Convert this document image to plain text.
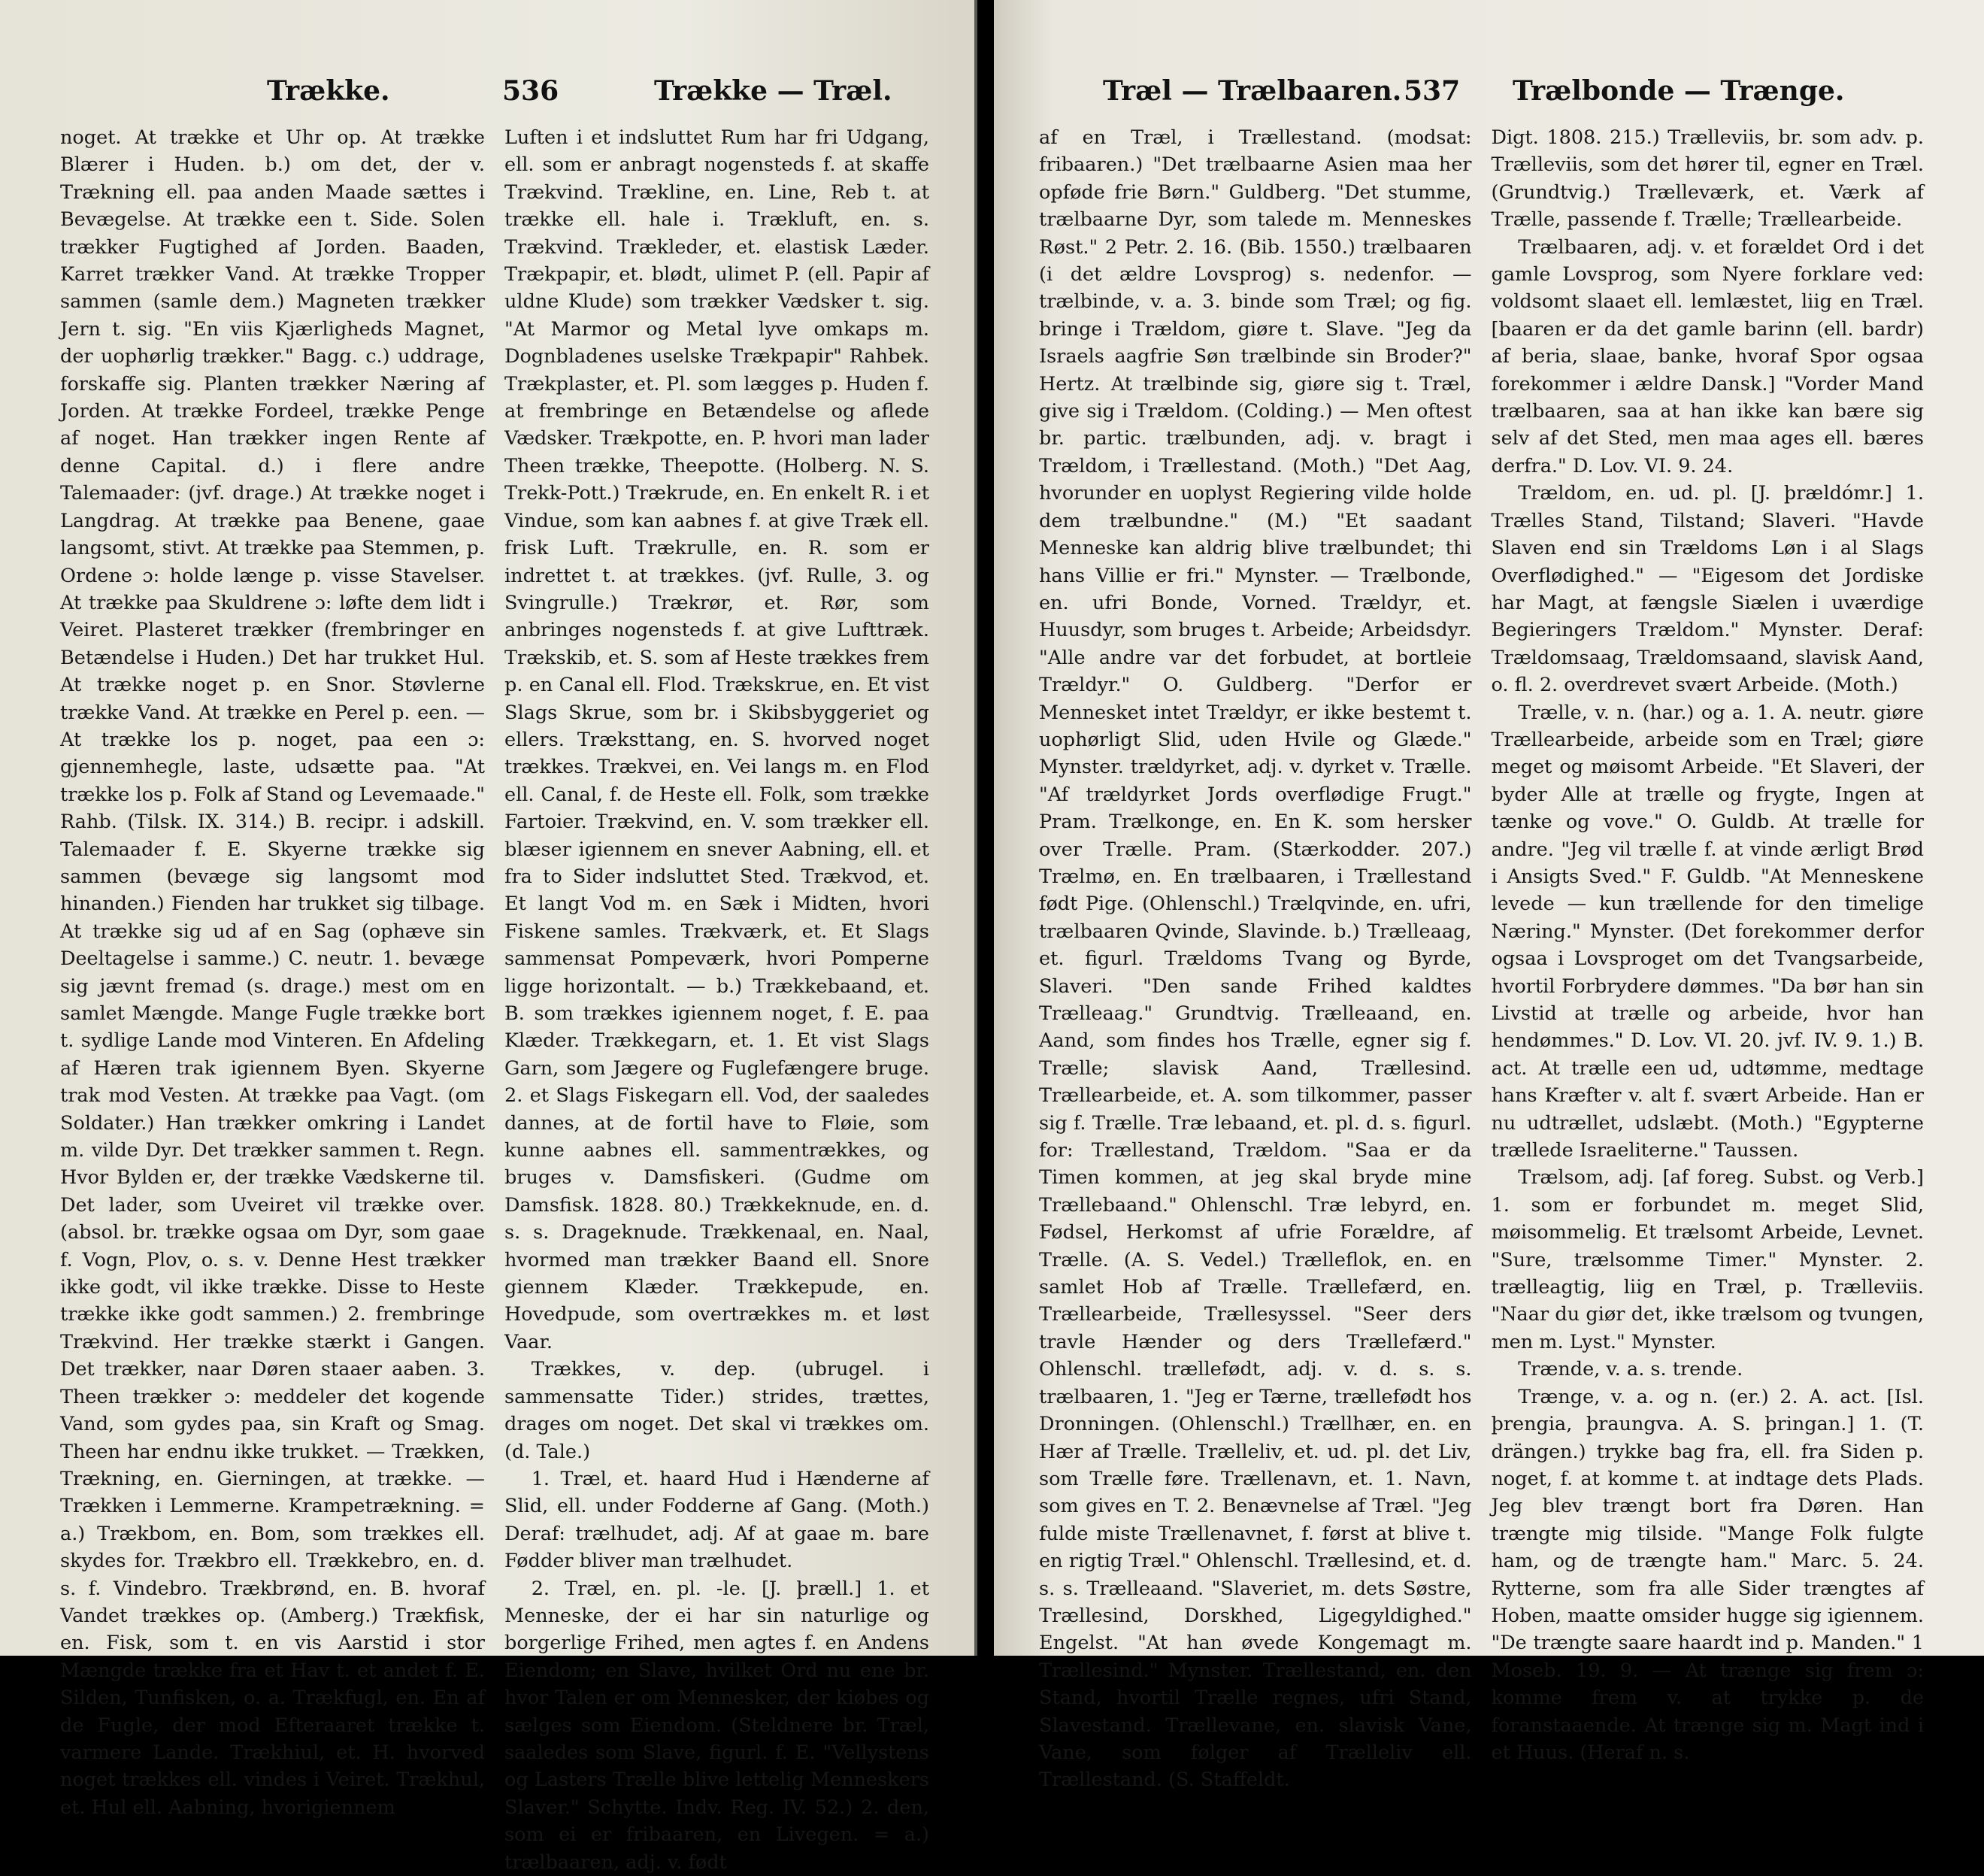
Trække.	536	Trække — Træl.

noget. At trække et Uhr op. At trække Blærer i Huden. b.) om det, der v. Trækning ell. paa anden Maade sættes i Bevægelse. At trække een t. Side. Solen trækker Fugtighed af Jorden. Baaden, Karret trækker Vand. At trække Tropper sammen (samle dem.) Magneten trækker Jern t. sig. "En viis Kjærligheds Magnet, der uophørlig trækker." Bagg. c.) uddrage, forskaffe sig. Planten trækker Næring af Jorden. At trække Fordeel, trække Penge af noget. Han trækker ingen Rente af denne Capital. d.) i flere andre Talemaader: (jvf. drage.) At trække noget i Langdrag. At trække paa Benene, gaae langsomt, stivt. At trække paa Stemmen, p. Ordene ɔ: holde længe p. visse Stavelser. At trække paa Skuldrene ɔ: løfte dem lidt i Veiret. Plasteret trækker (frembringer en Betændelse i Huden.) Det har trukket Hul. At trække noget p. en Snor. Støvlerne trække Vand. At trække en Perel p. een. — At trække los p. noget, paa een ɔ: gjennemhegle, laste, udsætte paa. "At trække los p. Folk af Stand og Levemaade." Rahb. (Tilsk. IX. 314.) B. recipr. i adskill. Talemaader f. E. Skyerne trække sig sammen (bevæge sig langsomt mod hinanden.) Fienden har trukket sig tilbage. At trække sig ud af en Sag (ophæve sin Deeltagelse i samme.) C. neutr. 1. bevæge sig jævnt fremad (s. drage.) mest om en samlet Mængde. Mange Fugle trække bort t. sydlige Lande mod Vinteren. En Afdeling af Hæren trak igiennem Byen. Skyerne trak mod Vesten. At trække paa Vagt. (om Soldater.) Han trækker omkring i Landet m. vilde Dyr. Det trækker sammen t. Regn. Hvor Bylden er, der trække Vædskerne til. Det lader, som Uveiret vil trække over. (absol. br. trække ogsaa om Dyr, som gaae f. Vogn, Plov, o. s. v. Denne Hest trækker ikke godt, vil ikke trække. Disse to Heste trække ikke godt sammen.) 2. frembringe Trækvind. Her trække stærkt i Gangen. Det trækker, naar Døren staaer aaben. 3. Theen trækker ɔ: meddeler det kogende Vand, som gydes paa, sin Kraft og Smag. Theen har endnu ikke trukket. — Trækken, Trækning, en. Gierningen, at trække. — Trækken i Lemmerne. Krampetrækning. = a.) Trækbom, en. Bom, som trækkes ell. skydes for. Trækbro ell. Trækkebro, en. d. s. f. Vindebro. Trækbrønd, en. B. hvoraf Vandet trækkes op. (Amberg.) Trækfisk, en. Fisk, som t. en vis Aarstid i stor Mængde trække fra et Hav t. et andet f. E. Silden, Tunfisken, o. a. Trækfugl, en. En af de Fugle, der mod Efteraaret trække t. varmere Lande. Trækhiul, et. H. hvorved noget trækkes ell. vindes i Veiret. Trækhul, et. Hul ell. Aabning, hvorigiennem

Luften i et indsluttet Rum har fri Udgang, ell. som er anbragt nogensteds f. at skaffe Trækvind. Trækline, en. Line, Reb t. at trække ell. hale i. Trækluft, en. s. Trækvind. Trækleder, et. elastisk Læder. Trækpapir, et. blødt, ulimet P. (ell. Papir af uldne Klude) som trækker Vædsker t. sig. "At Marmor og Metal lyve omkaps m. Dognbladenes uselske Trækpapir" Rahbek. Trækplaster, et. Pl. som lægges p. Huden f. at frembringe en Betændelse og aflede Vædsker. Trækpotte, en. P. hvori man lader Theen trække, Theepotte. (Holberg. N. S. Trekk-Pott.) Trækrude, en. En enkelt R. i et Vindue, som kan aabnes f. at give Træk ell. frisk Luft. Trækrulle, en. R. som er indrettet t. at trækkes. (jvf. Rulle, 3. og Svingrulle.) Trækrør, et. Rør, som anbringes nogensteds f. at give Lufttræk. Trækskib, et. S. som af Heste trækkes frem p. en Canal ell. Flod. Trækskrue, en. Et vist Slags Skrue, som br. i Skibsbyggeriet og ellers. Træksttang, en. S. hvorved noget trækkes. Trækvei, en. Vei langs m. en Flod ell. Canal, f. de Heste ell. Folk, som trække Fartoier. Trækvind, en. V. som trækker ell. blæser igiennem en snever Aabning, ell. et fra to Sider indsluttet Sted. Trækvod, et. Et langt Vod m. en Sæk i Midten, hvori Fiskene samles. Trækværk, et. Et Slags sammensat Pompeværk, hvori Pomperne ligge horizontalt. — b.) Trækkebaand, et. B. som trækkes igiennem noget, f. E. paa Klæder. Trækkegarn, et. 1. Et vist Slags Garn, som Jægere og Fuglefængere bruge. 2. et Slags Fiskegarn ell. Vod, der saaledes dannes, at de fortil have to Fløie, som kunne aabnes ell. sammentrækkes, og bruges v. Damsfiskeri. (Gudme om Damsfisk. 1828. 80.) Trækkeknude, en. d. s. s. Drageknude. Trækkenaal, en. Naal, hvormed man trækker Baand ell. Snore giennem Klæder. Trækkepude, en. Hovedpude, som overtrækkes m. et løst Vaar.

Trækkes, v. dep. (ubrugel. i sammensatte Tider.) strides, trættes, drages om noget. Det skal vi trækkes om. (d. Tale.)

1. Træl, et. haard Hud i Hænderne af Slid, ell. under Fodderne af Gang. (Moth.) Deraf: trælhudet, adj. Af at gaae m. bare Fødder bliver man trælhudet.

2. Træl, en. pl. -le. [J. þræll.] 1. et Menneske, der ei har sin naturlige og borgerlige Frihed, men agtes f. en Andens Eiendom; en Slave, hvilket Ord nu ene br. hvor Talen er om Mennesker, der kiøbes og sælges som Eiendom. (Steldnere br. Træl, saaledes som Slave, figurl. f. E. "Vellystens og Lasters Trælle blive lettelig Menneskers Slaver." Schytte. Indv. Reg. IV. 52.) 2. den, som ei er fribaaren, en Livegen. = a.) trælbaaren, adj. v. født

Træl — Trælbaaren. 537 Trælbonde — Trænge.

af en Træl, i Trællestand. (modsat: fribaaren.) "Det trælbaarne Asien maa her opføde frie Børn." Guldberg. "Det stumme, trælbaarne Dyr, som talede m. Menneskes Røst." 2 Petr. 2. 16. (Bib. 1550.) trælbaaren (i det ældre Lovsprog) s. nedenfor. — trælbinde, v. a. 3. binde som Træl; og fig. bringe i Trældom, giøre t. Slave. "Jeg da Israels aagfrie Søn trælbinde sin Broder?" Hertz. At trælbinde sig, giøre sig t. Træl, give sig i Trældom. (Colding.) — Men oftest br. partic. trælbunden, adj. v. bragt i Trældom, i Trællestand. (Moth.) "Det Aag, hvorunder en uoplyst Regiering vilde holde dem trælbundne." (M.) "Et saadant Menneske kan aldrig blive trælbundet; thi hans Villie er fri." Mynster. — Trælbonde, en. ufri Bonde, Vorned. Trældyr, et. Huusdyr, som bruges t. Arbeide; Arbeidsdyr. "Alle andre var det forbudet, at bortleie Trældyr." O. Guldberg. "Derfor er Mennesket intet Trældyr, er ikke bestemt t. uophørligt Slid, uden Hvile og Glæde." Mynster. trældyrket, adj. v. dyrket v. Trælle. "Af trældyrket Jords overflødige Frugt." Pram. Trælkonge, en. En K. som hersker over Trælle. Pram. (Stærkodder. 207.) Trælmø, en. En trælbaaren, i Trællestand født Pige. (Ohlenschl.) Trælqvinde, en. ufri, trælbaaren Qvinde, Slavinde. b.) Trælleaag, et. figurl. Trældoms Tvang og Byrde, Slaveri. "Den sande Frihed kaldtes Trælleaag." Grundtvig. Trælleaand, en. Aand, som findes hos Trælle, egner sig f. Trælle; slavisk Aand, Trællesind. Trællearbeide, et. A. som tilkommer, passer sig f. Trælle. Træ lebaand, et. pl. d. s. figurl. for: Trællestand, Trældom. "Saa er da Timen kommen, at jeg skal bryde mine Trællebaand." Ohlenschl. Træ lebyrd, en. Fødsel, Herkomst af ufrie Forældre, af Trælle. (A. S. Vedel.) Trælleflok, en. en samlet Hob af Trælle. Trællefærd, en. Trællearbeide, Trællesyssel. "Seer ders travle Hænder og ders Trællefærd." Ohlenschl. trællefødt, adj. v. d. s. s. trælbaaren, 1. "Jeg er Tærne, trællefødt hos Dronningen. (Ohlenschl.) Trællhær, en. en Hær af Trælle. Trælleliv, et. ud. pl. det Liv, som Trælle føre. Trællenavn, et. 1. Navn, som gives en T. 2. Benævnelse af Træl. "Jeg fulde miste Trællenavnet, f. først at blive t. en rigtig Træl." Ohlenschl. Trællesind, et. d. s. s. Trælleaand. "Slaveriet, m. dets Søstre, Trællesind, Dorskhed, Ligegyldighed." Engelst. "At han øvede Kongemagt m. Trællesind." Mynster. Trællestand, en. den Stand, hvortil Trælle regnes, ufri Stand, Slavestand. Trællevane, en. slavisk Vane, Vane, som følger af Trælleliv ell. Trællestand. (S. Staffeldt.

Digt. 1808. 215.) Trælleviis, br. som adv. p. Trælleviis, som det hører til, egner en Træl. (Grundtvig.) Trælleværk, et. Værk af Trælle, passende f. Trælle; Trællearbeide.

Trælbaaren, adj. v. et forældet Ord i det gamle Lovsprog, som Nyere forklare ved: voldsomt slaaet ell. lemlæstet, liig en Træl. [baaren er da det gamle barinn (ell. bardr) af beria, slaae, banke, hvoraf Spor ogsaa forekommer i ældre Dansk.] "Vorder Mand trælbaaren, saa at han ikke kan bære sig selv af det Sted, men maa ages ell. bæres derfra." D. Lov. VI. 9. 24.

Trældom, en. ud. pl. [J. þrældómr.] 1. Trælles Stand, Tilstand; Slaveri. "Havde Slaven end sin Trældoms Løn i al Slags Overflødighed." — "Eigesom det Jordiske har Magt, at fængsle Siælen i uværdige Begieringers Trældom." Mynster. Deraf: Trældomsaag, Trældomsaand, slavisk Aand, o. fl. 2. overdrevet svært Arbeide. (Moth.)

Trælle, v. n. (har.) og a. 1. A. neutr. giøre Trællearbeide, arbeide som en Træl; giøre meget og møisomt Arbeide. "Et Slaveri, der byder Alle at trælle og frygte, Ingen at tænke og vove." O. Guldb. At trælle for andre. "Jeg vil trælle f. at vinde ærligt Brød i Ansigts Sved." F. Guldb. "At Menneskene levede — kun trællende for den timelige Næring." Mynster. (Det forekommer derfor ogsaa i Lovsproget om det Tvangsarbeide, hvortil Forbrydere dømmes. "Da bør han sin Livstid at trælle og arbeide, hvor han hendømmes." D. Lov. VI. 20. jvf. IV. 9. 1.) B. act. At trælle een ud, udtømme, medtage hans Kræfter v. alt f. svært Arbeide. Han er nu udtrællet, udslæbt. (Moth.) "Egypterne trællede Israeliterne." Taussen.

Trælsom, adj. [af foreg. Subst. og Verb.] 1. som er forbundet m. meget Slid, møisommelig. Et trælsomt Arbeide, Levnet. "Sure, trælsomme Timer." Mynster. 2. trælleagtig, liig en Træl, p. Trælleviis. "Naar du giør det, ikke trælsom og tvungen, men m. Lyst." Mynster.

Trænde, v. a. s. trende.

Trænge, v. a. og n. (er.) 2. A. act. [Isl. þrengia, þraungva. A. S. þringan.] 1. (T. drängen.) trykke bag fra, ell. fra Siden p. noget, f. at komme t. at indtage dets Plads. Jeg blev trængt bort fra Døren. Han trængte mig tilside. "Mange Folk fulgte ham, og de trængte ham." Marc. 5. 24. Rytterne, som fra alle Sider trængtes af Hoben, maatte omsider hugge sig igiennem. "De trængte saare haardt ind p. Manden." 1 Moseb. 19. 9. — At trænge sig frem ɔ: komme frem v. at trykke p. de foranstaaende. At trænge sig m. Magt ind i et Huus. (Heraf n. s.
